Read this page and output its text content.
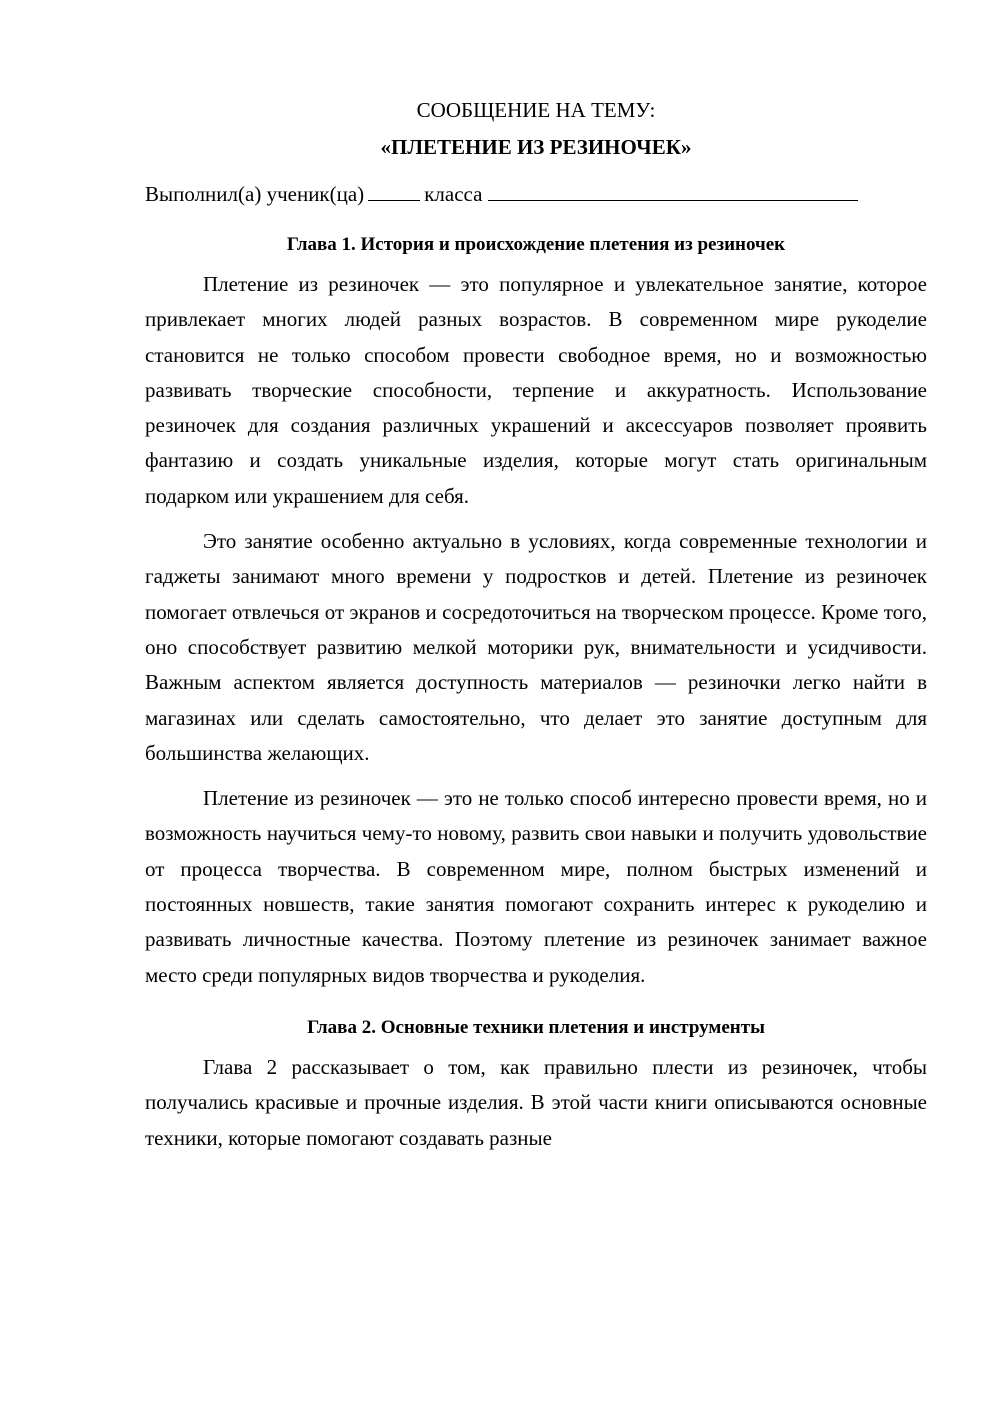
СООБЩЕНИЕ НА ТЕМУ:

«ПЛЕТЕНИЕ ИЗ РЕЗИНОЧЕК»

Выполнил(а) ученик(ца)	класса

Глава 1. История и происхождение плетения из резиночек

Плетение из резиночек — это популярное и увлекательное занятие, которое привлекает многих людей разных возрастов. В современном мире рукоделие становится не только способом провести свободное время, но и возможностью развивать творческие способности, терпение и аккуратность. Использование резиночек для создания различных украшений и аксессуаров позволяет проявить фантазию и создать уникальные изделия, которые могут стать оригинальным подарком или украшением для себя.

Это занятие особенно актуально в условиях, когда современные технологии и гаджеты занимают много времени у подростков и детей. Плетение из резиночек помогает отвлечься от экранов и сосредоточиться на творческом процессе. Кроме того, оно способствует развитию мелкой моторики рук, внимательности и усидчивости. Важным аспектом является доступность материалов — резиночки легко найти в магазинах или сделать самостоятельно, что делает это занятие доступным для большинства желающих.

Плетение из резиночек — это не только способ интересно провести время, но и возможность научиться чему-то новому, развить свои навыки и получить удовольствие от процесса творчества. В современном мире, полном быстрых изменений и постоянных новшеств, такие занятия помогают сохранить интерес к рукоделию и развивать личностные качества. Поэтому плетение из резиночек занимает важное место среди популярных видов творчества и рукоделия.

Глава 2. Основные техники плетения и инструменты

Глава 2 рассказывает о том, как правильно плести из резиночек, чтобы получались красивые и прочные изделия. В этой части книги описываются основные техники, которые помогают создавать разные
